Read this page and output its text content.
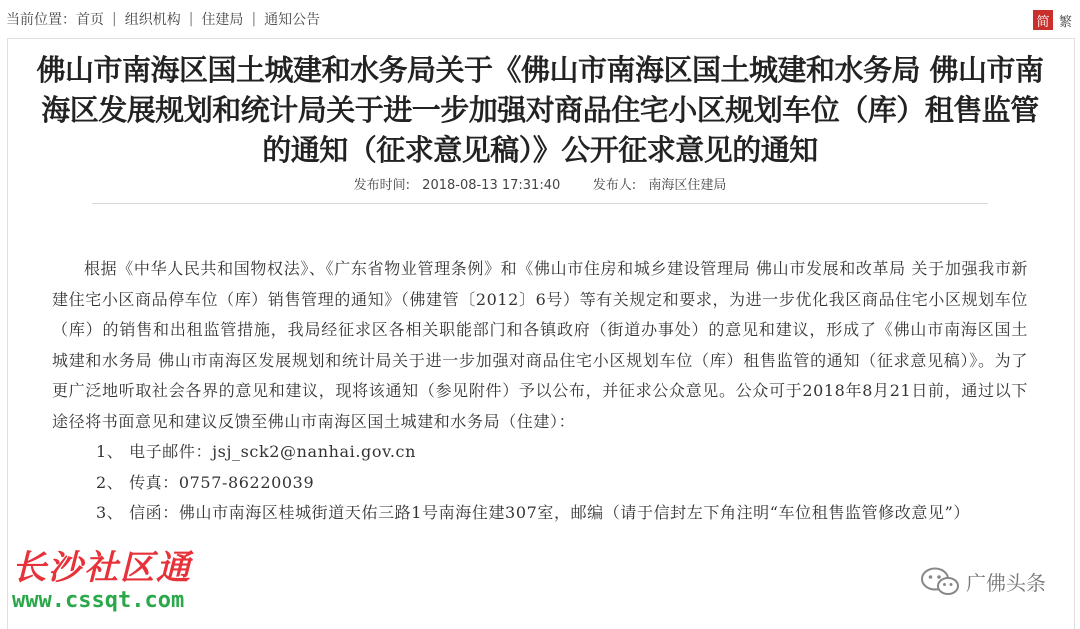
当前位置： 首页 | 组织机构 | 住建局 | 通知公告	简 繁
佛山市南海区国土城建和水务局关于《佛山市南海区国土城建和水务局 佛山市南
海区发展规划和统计局关于进一步加强对商品住宅小区规划车位（库）租售监管
的通知（征求意见稿）》公开征求意见的通知
发布时间: 2018-08-13 17:31:40	发布人: 南海区住建局

根据《中华人民共和国物权法》、《广东省物业管理条例》和《佛山市住房和城乡建设管理局 佛山市发展和改革局 关于加强我市新建住宅小区商品停车位（库）销售管理的通知》（佛建管〔2012〕6号）等有关规定和要求，为进一步优化我区商品住宅小区规划车位（库）的销售和出租监管措施，我局经征求区各相关职能部门和各镇政府（街道办事处）的意见和建议，形成了《佛山市南海区国土城建和水务局 佛山市南海区发展规划和统计局关于进一步加强对商品住宅小区规划车位（库）租售监管的通知（征求意见稿）》。为了更广泛地听取社会各界的意见和建议，现将该通知（参见附件）予以公布，并征求公众意见。公众可于2018年8月21日前，通过以下途径将书面意见和建议反馈至佛山市南海区国土城建和水务局（住建）：

1、 电子邮件：jsj_sck2@nanhai.gov.cn

2、 传真：0757-86220039

3、 信函：佛山市南海区桂城街道天佑三路1号南海住建307室，邮编（请于信封左下角注明“车位租售监管修改意见”）

长沙社区通
www.cssqt.com
广佛头条
